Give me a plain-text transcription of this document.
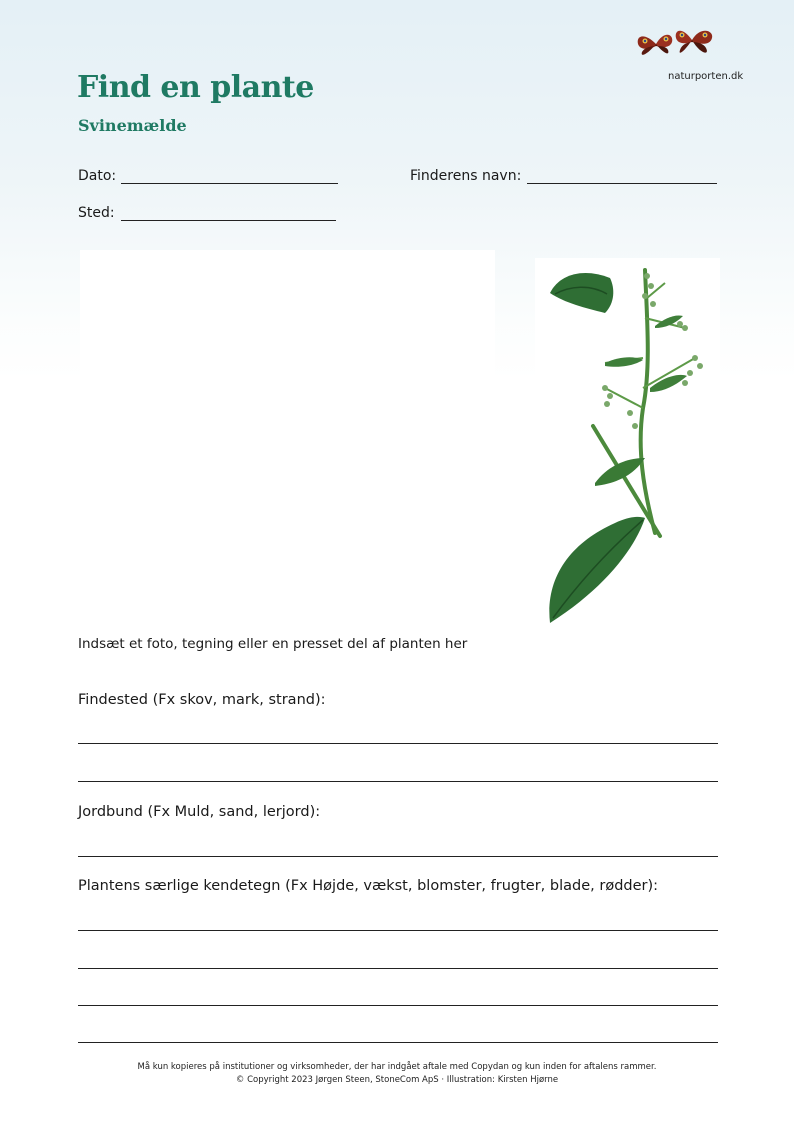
naturporten.dk
Find en plante
Svinemælde
Dato:	Finderens navn:
Sted:
Indsæt et foto, tegning eller en presset del af planten her
Findested (Fx skov, mark, strand):
Jordbund (Fx Muld, sand, lerjord):
Plantens særlige kendetegn (Fx Højde, vækst, blomster, frugter, blade, rødder):
Må kun kopieres på institutioner og virksomheder, der har indgået aftale med Copydan og kun inden for aftalens rammer.
© Copyright 2023 Jørgen Steen, StoneCom ApS · Illustration: Kirsten Hjørne
